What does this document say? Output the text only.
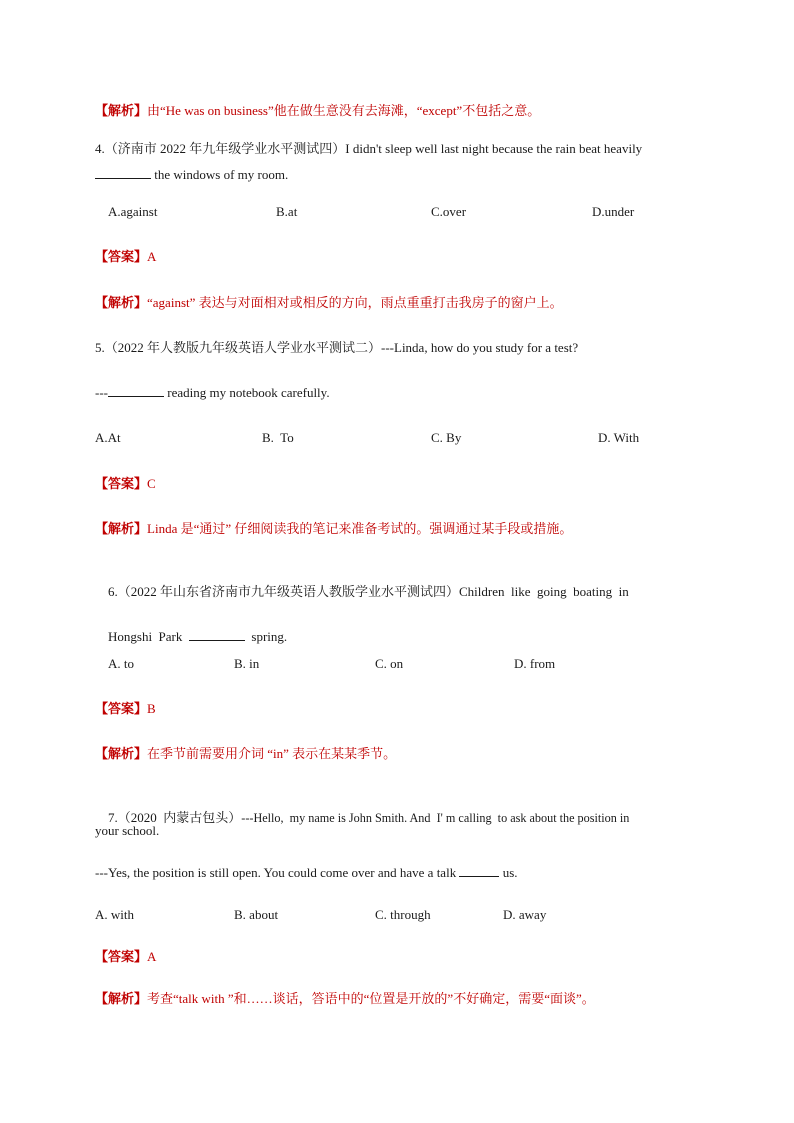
【解析】由“He was on business”他在做生意没有去海滩，“except”不包括之意。
4.（济南市 2022 年九年级学业水平测试四）I didn't sleep well last night because the rain beat heavily
the windows of my room.
A.against	B.at	C.over	D.under
【答案】A
【解析】“against” 表达与对面相对或相反的方向，雨点重重打击我房子的窗户上。
5.（2022 年人教版九年级英语人学业水平测试二）---Linda, how do you study for a test?
---	reading my notebook carefully.
A.At	B.  To	C. By	D. With
【答案】C
【解析】Linda 是“通过” 仔细阅读我的笔记来准备考试的。强调通过某手段或措施。

6.（2022 年山东省济南市九年级英语人教版学业水平测试四）Children  like  going  boating  in

Hongshi  Park	spring.

A. to	B. in	C. on	D. from
【答案】B
【解析】在季节前需要用介词 “in” 表示在某某季节。

7.（2020  内蒙古包头）---Hello,  my name is John Smith. And  I' m calling  to ask about the position in

your school.
---Yes, the position is still open. You could come over and have a talk	us.
A. with	B. about	C. through	D. away
【答案】A
【解析】考查“talk with ”和……谈话，答语中的“位置是开放的”不好确定，需要“面谈”。
